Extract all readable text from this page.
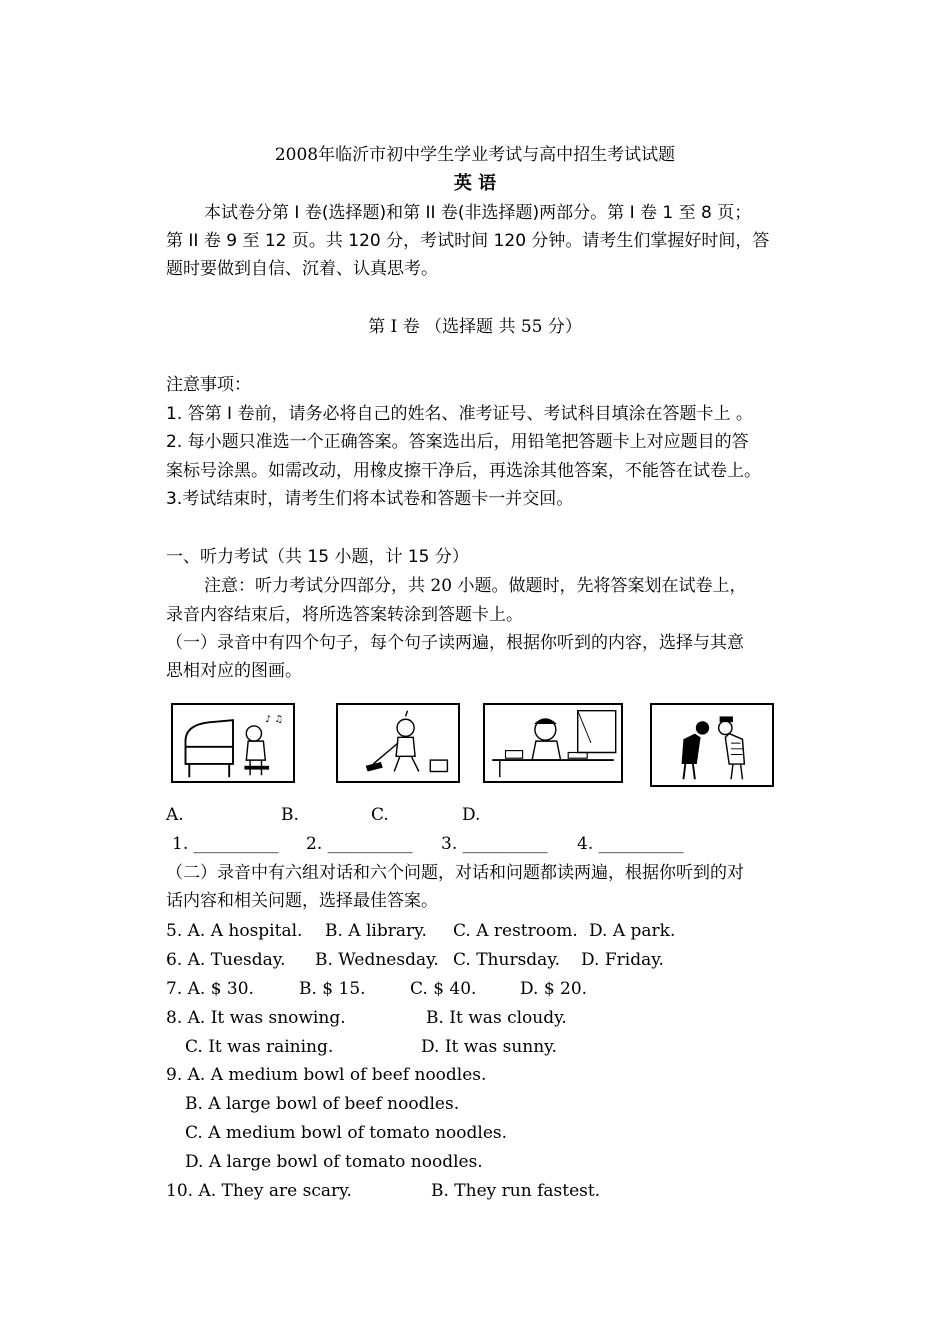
2008年临沂市初中学生学业考试与高中招生考试试题
英 语
本试卷分第 I 卷(选择题)和第 II 卷(非选择题)两部分。第 I 卷 1 至 8 页；
第 II 卷 9 至 12 页。共 120 分，考试时间 120 分钟。请考生们掌握好时间，答
题时要做到自信、沉着、认真思考。
第 I 卷 （选择题 共 55 分）
注意事项：
1. 答第 I 卷前，请务必将自己的姓名、准考证号、考试科目填涂在答题卡上 。
2. 每小题只准选一个正确答案。答案选出后，用铅笔把答题卡上对应题目的答
案标号涂黑。如需改动，用橡皮擦干净后，再选涂其他答案，不能答在试卷上。
3.考试结束时，请考生们将本试卷和答题卡一并交回。
一、听力考试（共 15 小题，计 15 分）
注意：听力考试分四部分，共 20 小题。做题时，先将答案划在试卷上，
录音内容结束后，将所选答案转涂到答题卡上。
（一）录音中有四个句子，每个句子读两遍，根据你听到的内容，选择与其意
思相对应的图画。
♪ ♫
A.	B.	C.	D.
1. __________ 2. __________ 3. __________ 4. __________
（二）录音中有六组对话和六个问题，对话和问题都读两遍，根据你听到的对
话内容和相关问题，选择最佳答案。
5. A. A hospital. B. A library. C. A restroom. D. A park.
6. A. Tuesday. B. Wednesday. C. Thursday. D. Friday.
7. A. $ 30.	B. $ 15.	C. $ 40.	D. $ 20.
8. A. It was snowing.	B. It was cloudy.
C. It was raining.	D. It was sunny.
9. A. A medium bowl of beef noodles.
B. A large bowl of beef noodles.
C. A medium bowl of tomato noodles.
D. A large bowl of tomato noodles.
10. A. They are scary.	B. They run fastest.
